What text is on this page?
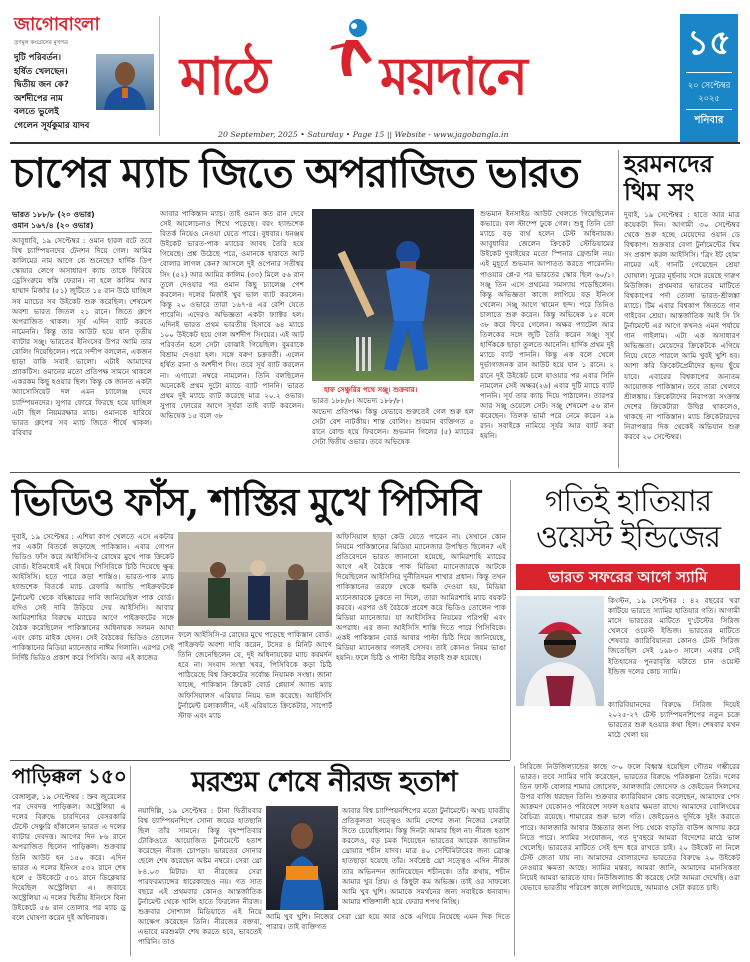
জাগোবাংলা
তৃণমূল কংগ্রেসের মুখপত্র
দুটি পরিবর্তন।
হর্ষিত খেলছেন।
দ্বিতীয় জন কে?
অর্শদীপের নাম
বলতে ভুলেই
গেলেন সূর্যকুমার যাদব
মাঠে ময়দানে
20 September, 2025 • Saturday • Page 15 || Website - www.jagobangla.in
১৫
২০ সেপ্টেম্বর
২০২৫
শনিবার
চাপের ম্যাচ জিতে অপরাজিত ভারত
ভারত ১৮৮/৮ (২০ ওভার)
ওমান ১৬৭/৪ (২০ ওভার)
আবুধাবি, ১৯ সেপ্টেম্বর : ওমান হারল বটে তবে বিশ্ব চ্যাম্পিয়নদের টেনশন দিয়ে গেল। আমির কালিমের নাম আগে কে শুনেছে? হার্দিক ডিপ স্কোয়ার লেগে অসাধারণ ক্যাচ তাকে ফিরিয়ে ড্রেসিংরুমে স্বস্তি ফেরান। না হলে কালিম আর হাম্মাদ মির্জার (৫১) জুটিতে ১৫ রান উঠে যাচ্ছিল সব ম্যাচের সব উইকেট শুরু করেছিল। শেষমেশ অবশ্য ভারত জিতল ২১ রানে। জিতে গ্রুপে অপরাজিত থাকল। সূর্য এদিন ব্যাট করতে নামেননি। কিন্তু তার আউট হয়ে যান তৃতীয় ব্যাটার সঞ্জু। ভারতের ইনিংসের উপর আমি তার বোলিং দিয়েছিলেন। পরে সন্দীপ বললেন, একজন ছাড়া বাকি সবাই ভালো। এটাই আমাদের প্র্যাকটিস। ওমানের মতো প্রতিপক্ষ সামনে থাকলে একরকম কিছু হওয়ার ছিল। কিন্তু কে জানত একটা অ্যাসোসিয়েট দল এমন চ্যালেঞ্জ দেবে চ্যাম্পিয়নদের। সুপার ফোরে ফিরছে হয়ে যাচ্ছিল এটা ছিল নিয়মরক্ষার ম্যাচ। ওমানকে হারিয়ে ভারত গ্রুপের সব ম্যাচ জিতে শীর্ষে থাকল। রবিবার
আবার পাকিস্তান ম্যাচ। তাই ওমান কত রান দেবে সেই আলোচনাও শিখে পড়েছে। বরং হ্যান্ডশেক বিতর্ক নিয়েও নেওয়া যেতে পারে। বুধবার। ধনঞ্জয় উইকেট ভারত-পাক ম্যাচের আবহ তৈরি হয়ে গিয়েছে। প্রশ্ন উঠেছে পরে, ওমানকে হারাতে আট বোলার লাগল কেন? আসলে দুই ওপেনার সতীশ্বর সিং (৫২) আর আমির কালিম (৩৩) মিলে ৫৬ রান তুলে দেওয়ার পর ওমান কিছু চ্যালেঞ্জ পেশ করলেন। দলের মির্জাই খুব ভাল ব্যাট করলেন। কিন্তু ২০ ওভারে তারা ১৬৭-৪ এর বেশি যেতে পারেনি। এদেরও অভিজ্ঞতা একটা ফ্যাক্টর হল। এদিনই ভারত প্রথম ভারতীয় হিসাবে ৬৪ ম্যাচে ১০০ উইকেট হয়ে গেল অর্শদীপ সিংয়ের। এই আট পরিবর্তন হলে সেটা বোঝাই গিয়েছিল। বুমরাকে বিশ্রাম দেওয়া হল। সঙ্গে বরুণ চক্রবর্তী। এলেন হর্ষিত রানা ও অর্শদীপ সিং। তবে সূর্য ব্যাট করলেন না। এগারো নম্বরে নামলেন। তিনি বলছিলেন অনেকেই প্রথম দুটো ম্যাচে ব্যাট পাননি। ভারত প্রথম দুই ম্যাচে ব্যাট করেছে মাত্র ২০.২ ওভার। সুপার ফোরের আগে সূর্যরা তাই ব্যাট করলেন। অভিষেক ১৫ বলে ৩৮
হাফ সেঞ্চুরির পথে সঞ্জু। শুক্রবার।
ভারত ১৮৮/৮। অভেদ্য ১৮৮/৮।
অভেদ্য প্রতিপক্ষ। কিন্তু যেভাবে শুরুতেই গেল শুরু হল সেটা বেশ নাটকীয়। শান্ত বোলিং। শুবমান ব্যক্তিগত ৫ রানে বোল্ড হয়ে ফিরলেন। শুভমান গিলের (৫) ম্যাচের সেটা দ্বিতীয় ওভার। তবে অভিষেক
শুভমান ইনসাইড আউট খেলতে গিয়েছিলেন কভারে। বল স্টাম্পে ঢুকে গেল। শুধু তিনি তো ম্যাচে বড় ব্যর্থ হলেন টেস্ট অধিনায়ক। আবুধাবির জেলেন ক্রিকেট স্টেডিয়ামের উইকেট দুবাইয়ের মতো স্পিনার ফ্রেন্ডলি নয়। এই মুহূর্তে শুভমান আপাতত করতে পারেননি। পাওয়ার প্লে-র পর ভারতের স্কোর ছিল ৬০/১। সঞ্জু তিন এসে প্রথমের সমস্যায় পড়েছিলেন। কিন্তু অভিজ্ঞতা কাজে লাগিয়ে বড় ইনিংস খেলেন। সঞ্জু আগে থামেন ছন্দ। পরে তিনিও চালাতে শুরু করেন। কিন্তু অভিষেক ১৫ বলে ৩৮ করে ফিরে গেলেন। অক্ষর প্যাটেল আর তিলকের সঙ্গে জুটি তৈরি করেন সঞ্জু। সূর্য হার্দিককে ছাড়া তুলতে আনেনি। হার্দিক প্রথম দুই ম্যাচে ব্যাট পাননি। কিন্তু এক বলে খেলে দুর্ভাগ্যজনক রান আউট হয়ে যান ১ রানে। ২ রানে দুই উইকেট চলে যাওয়ার পর এবার সিনি নামলেন সেই অক্ষর(২৬) এবার দুটি ম্যাচে ব্যাট পাননি। সূর্য তার ক্যাচ দিয়ে পাঠালেন। তারপর আর সঞ্জু ওয়েলে সেট। সঞ্জু শেষমেশ ৫৬ রান করেছেন। তিলক ভার্মা পরে নেমে করেন ২৯ রান। সবাইকে নামিয়ে সূর্যর আর ব্যাট করা হয়নি।
হরমনদের থিম সং
দুবাই, ১৯ সেপ্টেম্বর : হাতে আর মাত্র কয়েকটা দিন। আগামী ৩০ সেপ্টেম্বর থেকে শুরু হচ্ছে মেয়েদের ওয়ান ডে বিশ্বকাপ। শুক্রবার বেগা টুর্নামেন্টের থিম সং প্রকাশ করল আইসিসি। 'ব্রিং ইট হোম' নামের এই গানটি গেয়েছেন শ্রেয়া ঘোষাল। সুরের মূর্ছনায় সঙ্গে রয়েছে দারুণ মিউজিক। প্রথমবার ভারতের মাটিতে বিশ্বকাপের পর্দা তোলা ভারত-শ্রীলঙ্কা ম্যাচে। টিম এবার বিশ্বকাপ জিততে গান গাইবেন শ্রেয়া। আন্তর্জাতিক আই সি সি টুর্নামেন্টে এর আগে কখনও এমন পর্যায়ে গান গাইলাম। এটা এক অসাধারণ অভিজ্ঞতা। মেয়েদের ক্রিকেটকে এগিয়ে নিয়ে যেতে পারলে আমি খুবই খুশি হব। আশা করি ক্রিকেটপ্রেমীদের হৃদয় ছুঁয়ে যাবে। এবারের বিশ্বকাপের অন্যতম আয়োজক পাকিস্তান। তবে তারা খেলবে শ্রীলঙ্কায়। ক্রিকেটাদের নিরাপত্তা সংক্রান্ত দেশের ক্রিকেটারা উদ্বিগ্ন থাকলেও, থাকছে না পাকিস্তান। ম্যাচ ক্রিকেটারদের নিরাপত্তার দিক থেকেই অভিযান শুরু করবে ২০ সেপ্টেম্বর।
ভিডিও ফাঁস, শাস্তির মুখে পিসিবি
দুবাই, ১৯ সেপ্টেম্বর : এশিয়া কাপ খেলতে এসে একটার পর একটা বিতর্কে জড়াচ্ছে পাকিস্তান। এবার গোপন ভিডিও ফাঁস করে আইসিসি-র রোষের মুখে পাক ক্রিকেট বোর্ড। ইতিমধ্যেই এই বিষয়ে পিসিবিকে চিঠি দিয়েছে ক্ষুব্ধ আইসিসি। হতে পারে কড়া শাস্তিও। ভারত-পাক ম্যাচ হ্যান্ডশেক বিতর্কে ম্যাচ রেফারি অ্যান্ডি পাইক্রফটকে টুর্নামেন্ট থেকে বহিষ্কারের দাবি জানিয়েছিল পাক বোর্ড। যদিও সেই দাবি উড়িয়ে দেয় আইসিসি। আবার আমিরশাহির বিরুদ্ধে ম্যাচের আগে পাইক্রফটের সঙ্গে বৈঠক করেছিলেন পাকিস্তানের অধিনায়ক সলমন আঘা এবং কোচ মাইক হেসন। সেই বৈঠকের ভিডিও তোলেন পাকিস্তানের মিডিয়া ম্যানেজার নাঈম গিলানি। এরপর সেই নির্দিষ্ট ভিডিও প্রকাশ করে পিসিবি। আর এই কাজের
ফলে আইসিসি-র রোষের মুখে পড়েছে পাকিস্তান বোর্ড। পাইক্রফট অবশ্য দাবি করেন, টসের ৪ মিনিট আগে তিনি জেনেছিলেন যে, দুই অধিনায়কের ম্যাচ করমর্দন হবে না। সংবাদ সংস্থা খবর, পিসিবিকে কড়া চিঠি পাঠিয়েছে বিশ্ব ক্রিকেটের সর্বোচ্চ নিয়ামক সংস্থা। জানা যাচ্ছে, পাকিস্তান ক্রিকেট বোর্ড প্লেয়ার্স অ্যান্ড ম্যাচ অফিসিয়ালস এরিয়ার নিয়ম ভঙ্গ করেছে। আইসিসি টুর্নামেন্ট চলাকালীন, এই এরিয়াতে ক্রিকেটার, সাপোর্ট স্টাফ এবং ম্যাচ
অফিসিয়াল ছাড়া কেউ যেতে পারেন না। সেখানে কোন নিয়মে পাকিস্তানের মিডিয়া ম্যানেজার উপস্থিত ছিলেন? এই প্রতিবেদনে ভারত জানানো হয়েছে, আমিরশাহি ম্যাচের আগে এই বৈঠকে পাক মিডিয়া ম্যানেজারকে আটকে দিয়েছিলেন আইসিসির দুর্নীতিদমন শাখার প্রধান। কিন্তু তখন পাকিস্তানের তরফে থেকে হুমকি দেওয়া হয়, মিডিয়া ম্যানেজারকে ঢুকতে না দিলে, তারা আমিরশাহি ম্যাচ বয়কট করবে। এরপর ওই বৈঠকে প্রবেশ করে ভিডিও তোলেন পাক মিডিয়া ম্যানেজার। যা আইসিসির নিয়মের পরিপন্থী এবং অপরাধ। এর জন্য আইসিসি শাস্তি দিতে পারে পিসিবিকে। একই পাকিস্তান বোর্ড আবার পাল্টা চিঠি দিয়ে জানিয়েছে, মিডিয়া ম্যানেজার গলতই সেসব। তাই কোনও নিয়ম ভাঙা হয়নি। ফলে চিঠি ও পাল্টা চিঠির লড়াই শুরু হয়েছে।
গতিই হাতিয়ার
ওয়েস্ট ইন্ডিজের
ভারত সফরের আগে স্যামি
কিংস্টন, ১৯ সেপ্টেম্বর : ৪২ বছরের খরা কাটিয়ে ভারতে স্যামির হাতিয়ার গতি। আগামী মাসে ভারতের মাটিতে দু'টেস্টের সিরিজ খেলবে ওয়েস্ট ইন্ডিজ। ভারতের মাটিতে শেষবার ক্যারিবিয়ানরা কোনও টেস্ট সিরিজ জিতেছিল সেই ১৯৮৩ সালে। এবার সেই ইতিহাসের পুনরাবৃত্তি ঘটাতে চান ওয়েস্ট ইন্ডিজ দলের কোচ স্যামি।
ক্যারিবিয়ানদের বিরুদ্ধে সিরিজ দিয়েই ২০২৫-২৭ টেস্ট চ্যাম্পিয়নশিপের নতুন চক্রে ভারতের শুরু হওয়ার কথা ছিল। শেষবার যখন মাঠে খেলা হয়
পাড়িক্কল ১৫০
বেঙ্গালুরু, ১৯ সেপ্টেম্বর : স্রুব জুরেলের পর দেবদত্ত পাড়িক্কল। অস্ট্রেলিয়া এ দলের বিরুদ্ধে চারদিনের বেসরকারি টেস্টে সেঞ্চুরি হাঁকালেন ভারত এ দলের ব্যাটার দেবদত্ত। আগের দিন ৮৬ রানে অপরাজিত ছিলেন পাড়িক্কল। শুক্রবার তিনি আউট হন ১৫০ করে। এদিন ভারত এ দলের ইনিংস ৫৩২ রানে শেষ হলে ৫ উইকেটে ৫৩১ রানে ডিক্লেয়ার দিয়েছিল অস্ট্রেলিয়া এ। জবাবে অস্ট্রেলিয়া এ দলের দ্বিতীয় ইনিংসে বিনা উইকেটে ৫৬ রান তোলার পর ম্যাচ ড্র বলে ঘোষণা করেন দুই অধিনায়ক।
মরশুম শেষে নীরজ হতাশ
নয়াদিল্লি, ১৯ সেপ্টেম্বর : টানা দ্বিতীয়বার বিশ্ব চ্যাম্পিয়নশিপে সোনা জয়ের হাতছানি ছিল তাঁর সামনে। কিন্তু বৃহস্পতিবার টোকিওতে আয়োজিত টুর্নামেন্টে হতাশ করেছেন নীরজ চোপড়া। ভারতের সোনার ছেলে শেষ করেছেন অষ্টম নম্বরে। সেরা থ্রো ৮৪.০৩ মিটার। যা নীরজের সেরা পারফরম্যান্সের ধারেকাছেও নয়। গত সাত বছরে এই প্রথমবার কোনও আন্তর্জাতিক টুর্নামেন্ট থেকে খালি হাতে ফিরলেন নীরজ। শুক্রবার সোশ্যাল মিডিয়াতে এই নিয়ে আক্ষেপ করেছেন তিনি। নীরজের বক্তব্য, এভাবে মরশুমটা শেষ করতে হবে, ভাবতেই পারিনি। তাও
আমি খুব খুশি। নিজের সেরা থ্রো হয়ে আর ওকে এগিয়ে নিয়েছে এমন দিক দিতে পারার। তাই ব্যক্তিগত
আবার বিশ্ব চ্যাম্পিয়নশিপের মতো টুর্নামেন্টে। অথচ যাবতীয় প্রতিকূলতা সত্ত্বেও আমি দেশের জন্য নিজের সেরাটা দিতে চেয়েছিলাম। কিন্তু দিনটা আমার ছিল না। নীরজ হতাশ করলেও, বড় চমক দিয়েছেন ভারতের আরেক জ্যাভলিন থ্রোয়ার শচীন যাদব। মাত্র ৪০ সেন্টিমিটারের জন্য ব্রোঞ্জ হাতছাড়া হয়েছে তাঁর। সর্বশ্রেষ্ঠ থ্রো সত্ত্বেও এদিন নীরজ তার অভিনন্দন জানিয়েছেন শচীনকে। তাঁর কথায়, শচীন আমার খুব প্রিয়। ও কিছুটা কম অভিজ্ঞ। তাই ওর সাফল্যে আমি খুব খুশি। আমাকে সমর্থনের জন্য সবাইকে ধন্যবাদ। আমার শক্তিশালী হয়ে ফেরার শপথ নিচ্ছি।
সিরিজে নিউজিল্যান্ডের কাছে ৩-০ ফলে বিধ্বস্ত হয়েছিল গৌতম গম্ভীরের ভারত। তবে স্যামির দাবি করেছেন, ভারতের বিরুদ্ধে পরিকল্পনা তৈরি। দলের তিন ফাস্ট বোলার শামার জোসেফ, আলজারি জোসেফ ও জেইডেন সিলসের উপর বাজি ধরছেন তিনি। শুক্রবার ক্যারিবিয়ান কোচ বলেছেন, আমাদের পেস আক্রমণ যেকোনও পরিবেশে সফল হওয়ার ক্ষমতা রাখে। আমাদের বোলিংয়ের বৈচিত্র্য রয়েছে। শামারের শুরু ভাল গতি। জেইডেনও দুর্দিকে সুইং করাতে পারে। আলজারি আবার উচ্চতার জন্য পিচ থেকে বাড়তি বাউন্স আদায় করে নিতে পারে। স্যামির সংযোজন, গত দু'বছরে আমরা বিদেশের মাঠে ভাল খেলেছি। ভারতের মাটিতে সেই ছন্দ ধরে রাখতে চাই। ২০ উইকেট না নিলে টেস্ট জেতা যায় না। আমাদের বোলারদের ভারতের বিরুদ্ধে ২০ উইকেট নেওয়ার ক্ষমতা আছে। স্যামির মন্তব্য, আমরা জানি, আমাদের মানসিকতা নিয়েই আমরা ভারতে যাব। নিউজিল্যান্ড কী করেছে সেটা আমরা দেখেছি। ওরা যেভাবে ভারতীয় পরিবেশ কাজে লাগিয়েছে, আমরাও সেটা করতে চাই।
